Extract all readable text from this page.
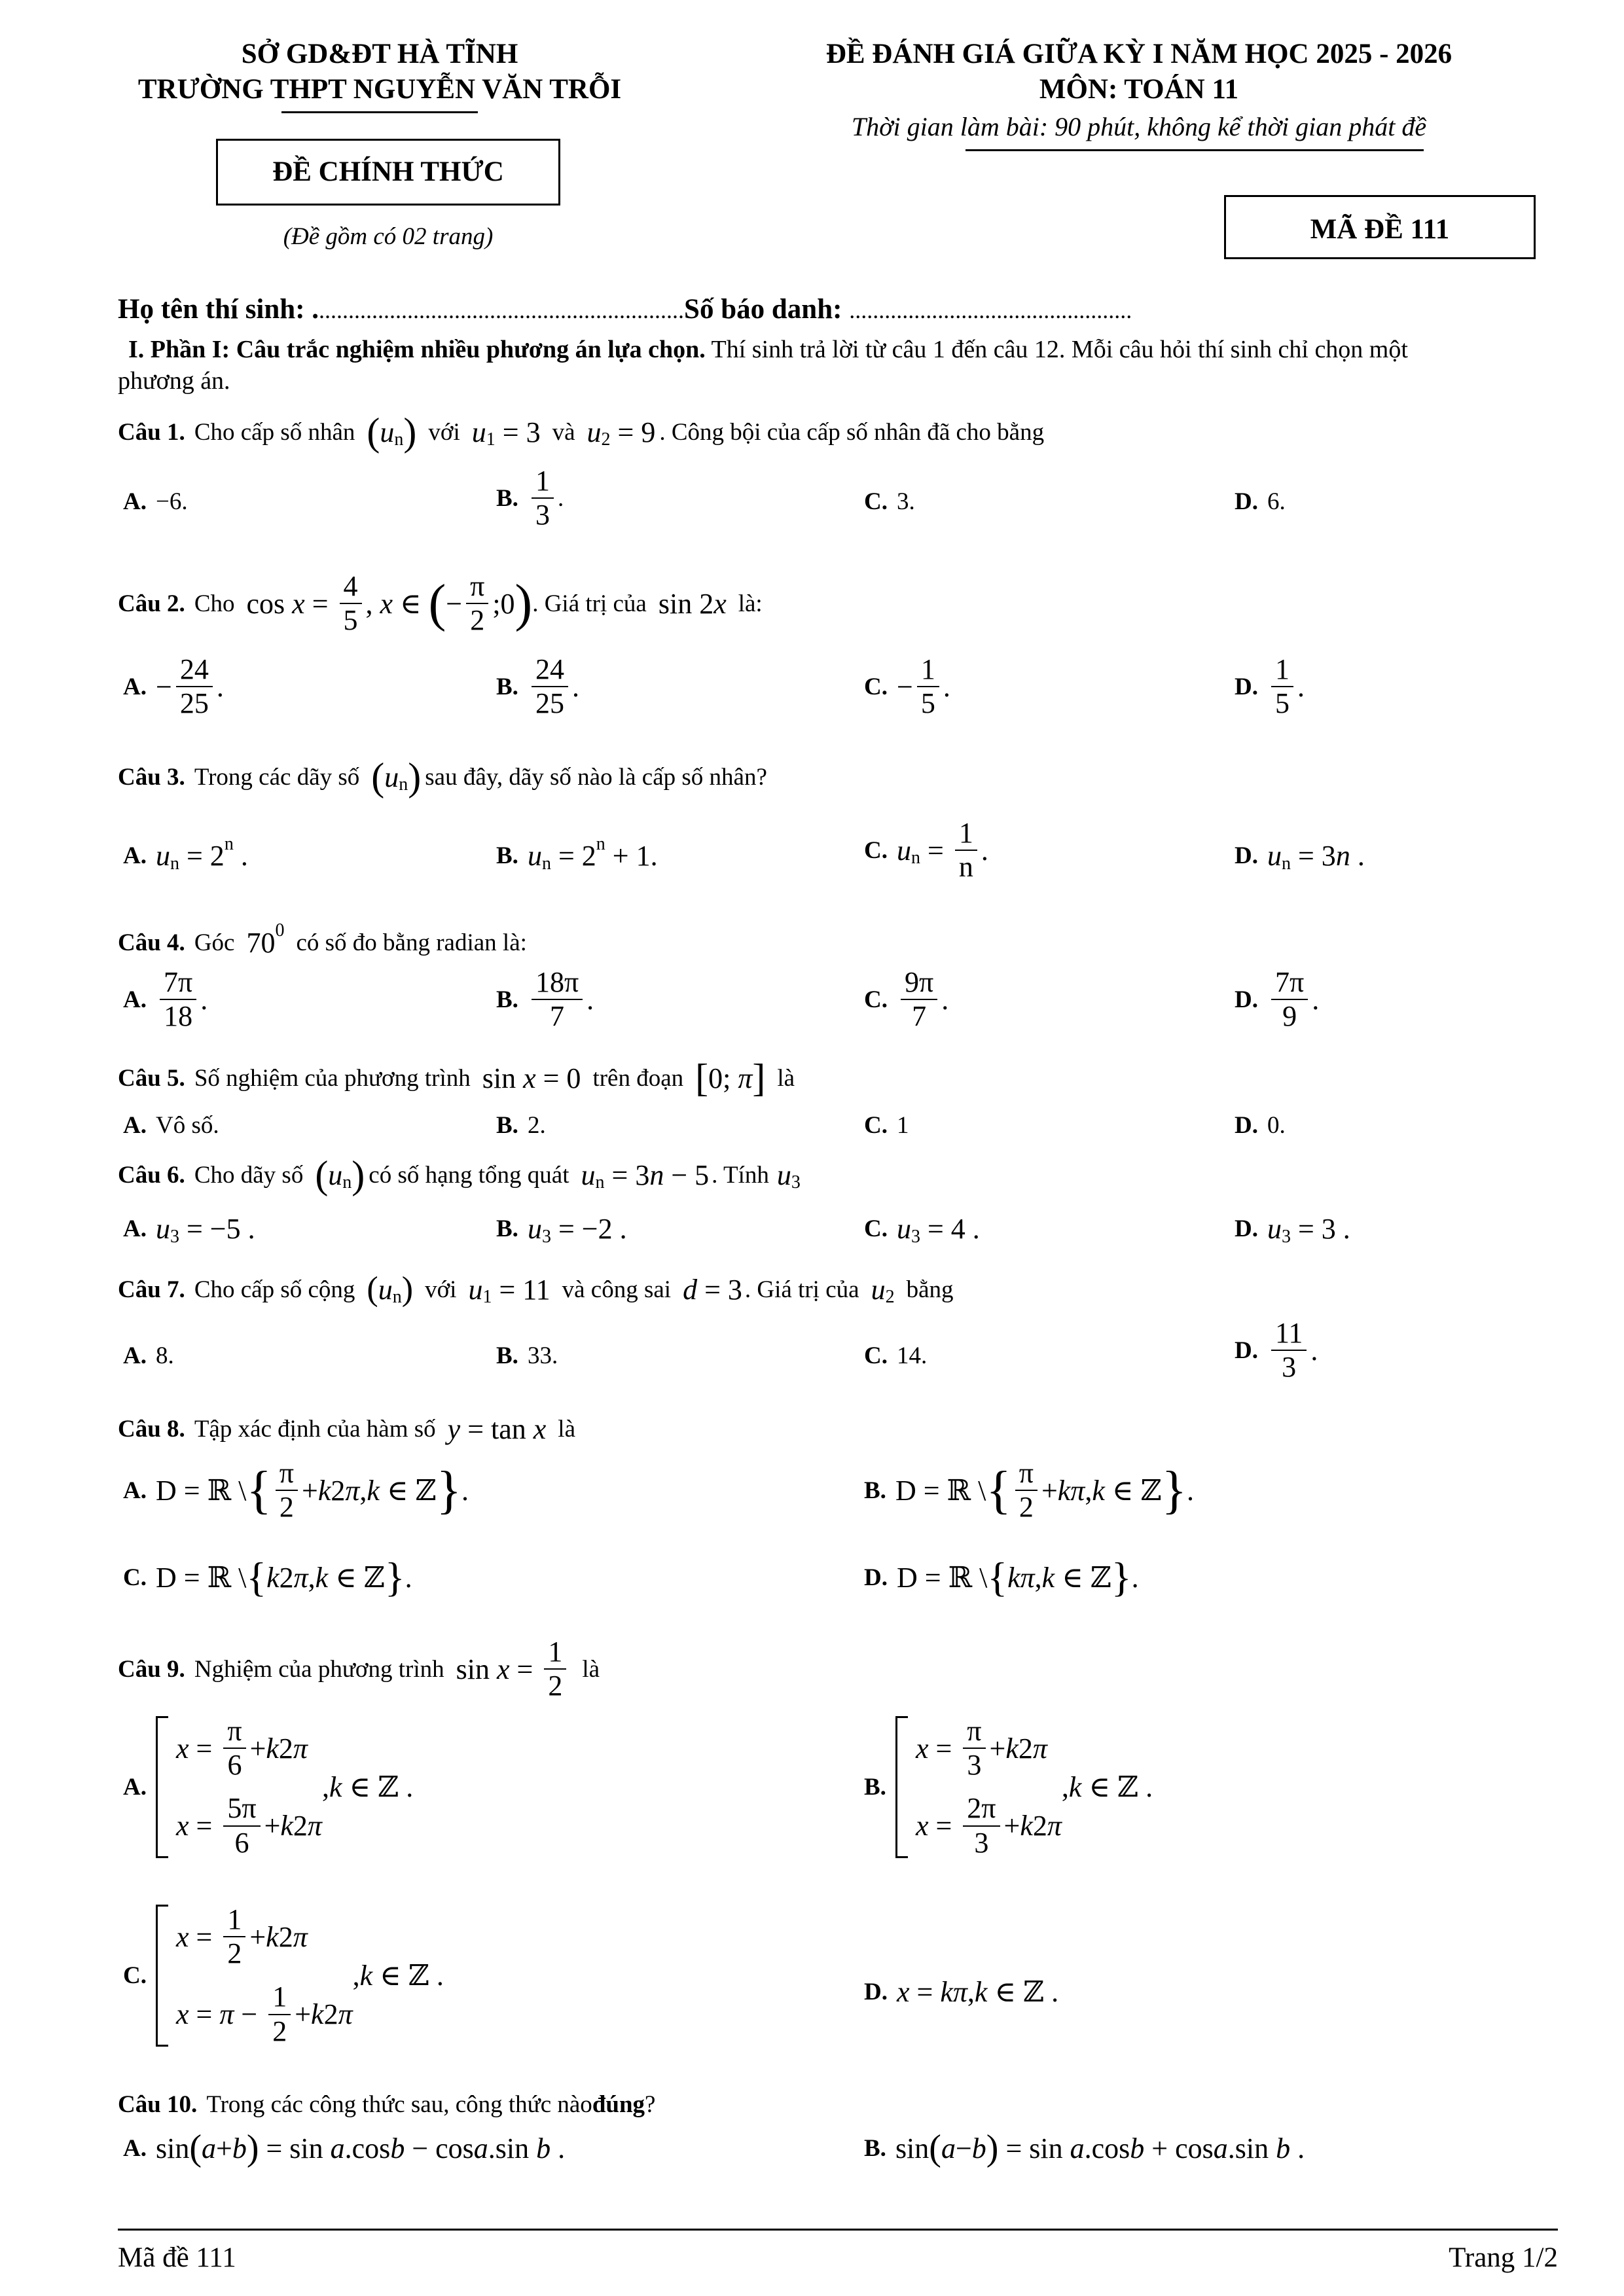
SỞ GD&ĐT HÀ TĨNH
TRƯỜNG THPT NGUYỄN VĂN TRỖI
ĐỀ CHÍNH THỨC
(Đề gồm có 02 trang)
ĐỀ ĐÁNH GIÁ GIỮA KỲ I NĂM HỌC 2025 - 2026
MÔN: TOÁN 11
Thời gian làm bài: 90 phút, không kể thời gian phát đề
MÃ ĐỀ 111
Họ tên thí sinh: ...............................................................Số báo danh: ................................................
I. Phần I: Câu trắc nghiệm nhiều phương án lựa chọn. Thí sinh trả lời từ câu 1 đến câu 12. Mỗi câu hỏi thí sinh chỉ chọn một
phương án.
Câu 1. Cho cấp số nhân ( u n ) với u 1 = 3 và u 2 = 9 . Công bội của cấp số nhân đã cho bằng
A. −6.	B. $\frac{1}{3}$ .	C. 3.	D. 6.
Câu 2. Cho $\cos x = \frac{4}{5}$ , x ∈ ( − $\frac{\pi}{2}$ ;0 ) . Giá trị của sin
2 x là:
A. − $\frac{24}{25}$ .	B. $\frac{24}{25}$ .	C. − $\frac{1}{5}$ .	D. $\frac{1}{5}$ .
Câu 3. Trong các dãy số ( u n ) sau đây, dãy số nào là cấp số nhân?
A. u n = 2 n .	B. u n = 2 n + 1.	C. u $n = \frac{1}{n}$ .	D. u n = 3 n .
Câu 4. Góc 70 0 có số đo bằng radian là:
A. $\frac{7\pi}{18}$ .	B. $\frac{18\pi}{7}$ .	C. $\frac{9\pi}{7}$ .	D. $\frac{7\pi}{9}$ .
Câu 5. Số nghiệm của phương trình sin x = 0 trên đoạn [ 0; π ] là
A. Vô số.	B. 2.	C. 1	D. 0.
Câu 6. Cho dãy số ( u n ) có số hạng tổng quát u n = 3 n − 5 . Tính u 3
A. u 3 = −5 .	B. u 3 = −2 .	C. u 3 = 4 .	D. u 3 = 3 .
Câu 7. Cho cấp số cộng ( u n ) với u 1 = 11 và công sai d = 3 . Giá trị của u 2 bằng
A. 8.	B. 33.	C. 14.	D. $\frac{11}{3}$ .
Câu 8. Tập xác định của hàm số y = tan x là
A. D = ℝ \ { $\frac{\pi}{2} + k$ 2 π , k ∈ ℤ } .	B. D = ℝ \ { $\frac{\pi}{2} + k\pi$ , k ∈ ℤ } .
C. D = ℝ \ { k 2 π , k ∈ ℤ } .	D. D = ℝ \ { kπ , k ∈ ℤ } .
Câu 9. Nghiệm của phương trình $\sin x = \frac{1}{2}$ là
A.
$x = \frac{\pi}{6} + k$ 2 π
$x = \frac{5\pi}{6} + k$ 2 π
, k ∈ ℤ .	B.
$x = \frac{\pi}{3} + k$ 2 π
$x = \frac{2\pi}{3} + k$ 2 π
, k ∈ ℤ .
C.
$x = \frac{1}{2} + k$ 2 π
$x = \pi - \frac{1}{2} + k$ 2 π
, k ∈ ℤ .
D. x = kπ , k ∈ ℤ .
Câu 10. Trong các công thức sau, công thức nào đúng ?
A. sin ( a + b ) = sin a .cos b − cos a .sin b .	B. sin ( a − b ) = sin a .cos b + cos a .sin b .
Mã đề 111	Trang 1/2
